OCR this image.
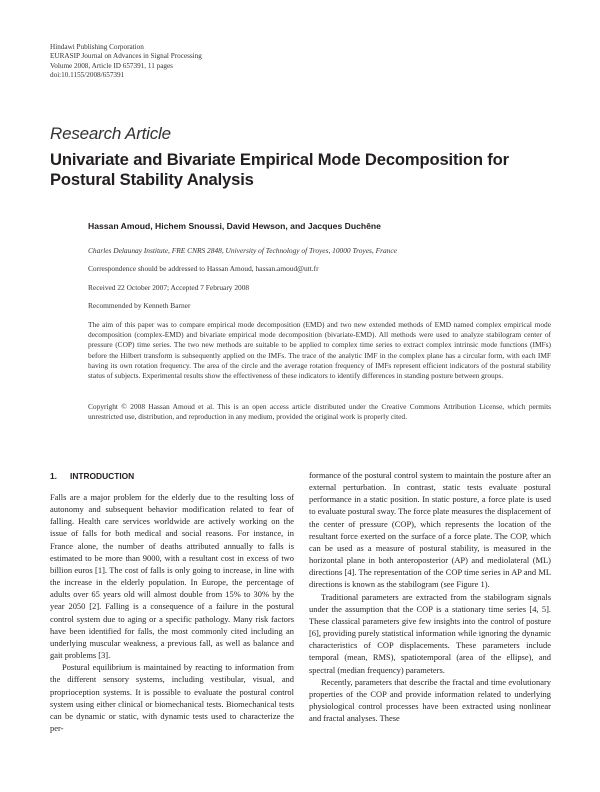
Hindawi Publishing Corporation
EURASIP Journal on Advances in Signal Processing
Volume 2008, Article ID 657391, 11 pages
doi:10.1155/2008/657391
Research Article
Univariate and Bivariate Empirical Mode Decomposition for Postural Stability Analysis
Hassan Amoud, Hichem Snoussi, David Hewson, and Jacques Duchêne
Charles Delaunay Institute, FRE CNRS 2848, University of Technology of Troyes, 10000 Troyes, France
Correspondence should be addressed to Hassan Amoud, hassan.amoud@utt.fr
Received 22 October 2007; Accepted 7 February 2008
Recommended by Kenneth Barner
The aim of this paper was to compare empirical mode decomposition (EMD) and two new extended methods of EMD named complex empirical mode decomposition (complex-EMD) and bivariate empirical mode decomposition (bivariate-EMD). All methods were used to analyze stabilogram center of pressure (COP) time series. The two new methods are suitable to be applied to complex time series to extract complex intrinsic mode functions (IMFs) before the Hilbert transform is subsequently applied on the IMFs. The trace of the analytic IMF in the complex plane has a circular form, with each IMF having its own rotation frequency. The area of the circle and the average rotation frequency of IMFs represent efficient indicators of the postural stability status of subjects. Experimental results show the effectiveness of these indicators to identify differences in standing posture between groups.
Copyright © 2008 Hassan Amoud et al. This is an open access article distributed under the Creative Commons Attribution License, which permits unrestricted use, distribution, and reproduction in any medium, provided the original work is properly cited.
1. INTRODUCTION

Falls are a major problem for the elderly due to the resulting loss of autonomy and subsequent behavior modification related to fear of falling. Health care services worldwide are actively working on the issue of falls for both medical and social reasons. For instance, in France alone, the number of deaths attributed annually to falls is estimated to be more than 9000, with a resultant cost in excess of two billion euros [1]. The cost of falls is only going to increase, in line with the increase in the elderly population. In Europe, the percentage of adults over 65 years old will almost double from 15% to 30% by the year 2050 [2]. Falling is a consequence of a failure in the postural control system due to aging or a specific pathology. Many risk factors have been identified for falls, the most commonly cited including an underlying muscular weakness, a previous fall, as well as balance and gait problems [3].

Postural equilibrium is maintained by reacting to information from the different sensory systems, including vestibular, visual, and proprioception systems. It is possible to evaluate the postural control system using either clinical or biomechanical tests. Biomechanical tests can be dynamic or static, with dynamic tests used to characterize the per-

formance of the postural control system to maintain the posture after an external perturbation. In contrast, static tests evaluate postural performance in a static position. In static posture, a force plate is used to evaluate postural sway. The force plate measures the displacement of the center of pressure (COP), which represents the location of the resultant force exerted on the surface of a force plate. The COP, which can be used as a measure of postural stability, is measured in the horizontal plane in both anteroposterior (AP) and mediolateral (ML) directions [4]. The representation of the COP time series in AP and ML directions is known as the stabilogram (see Figure 1).

Traditional parameters are extracted from the stabilogram signals under the assumption that the COP is a stationary time series [4, 5]. These classical parameters give few insights into the control of posture [6], providing purely statistical information while ignoring the dynamic characteristics of COP displacements. These parameters include temporal (mean, RMS), spatiotemporal (area of the ellipse), and spectral (median frequency) parameters.

Recently, parameters that describe the fractal and time evolutionary properties of the COP and provide information related to underlying physiological control processes have been extracted using nonlinear and fractal analyses. These
